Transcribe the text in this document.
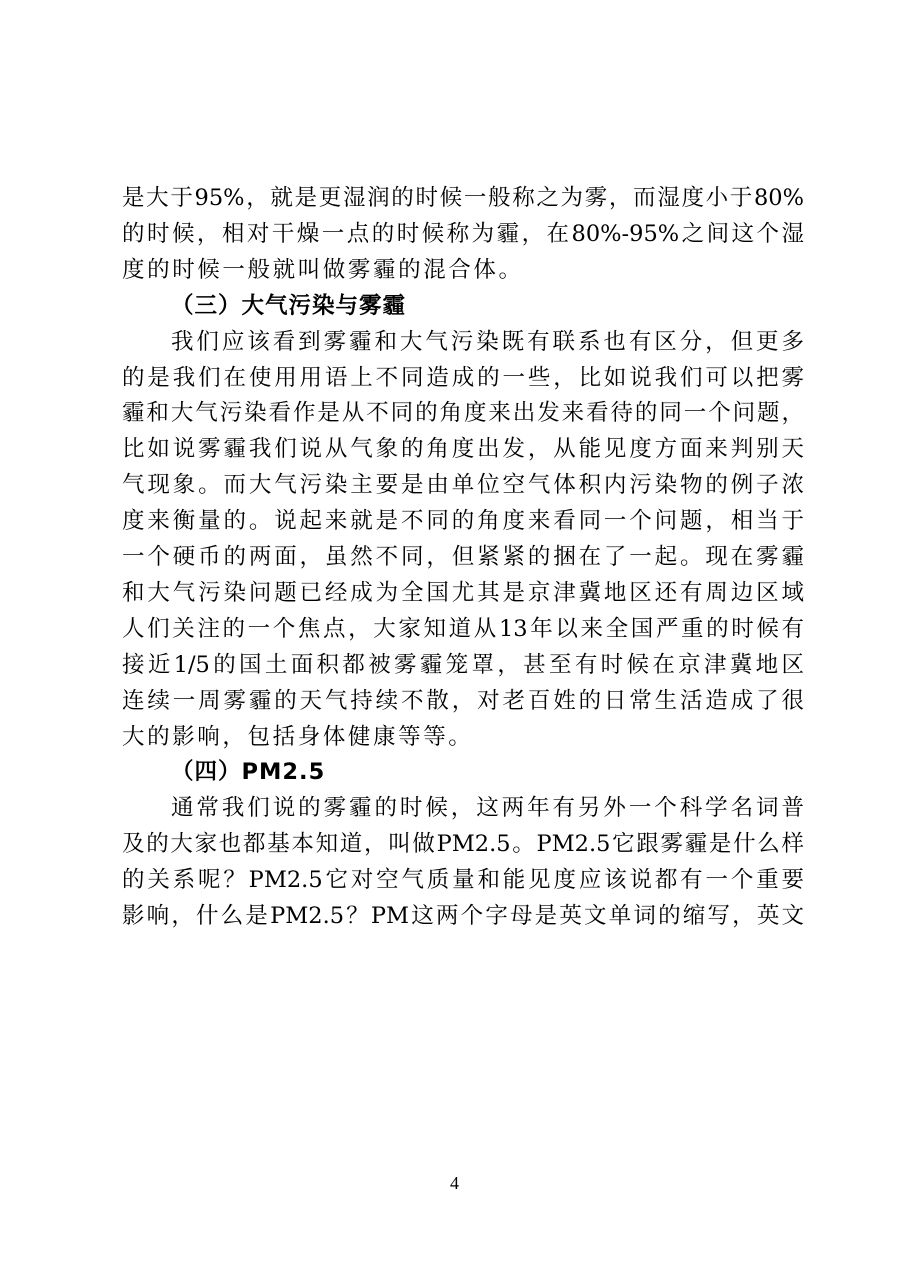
是大于95%，就是更湿润的时候一般称之为雾，而湿度小于80%
的时候，相对干燥一点的时候称为霾，在80%-95%之间这个湿
度的时候一般就叫做雾霾的混合体。
（三）大气污染与雾霾
我们应该看到雾霾和大气污染既有联系也有区分，但更多
的是我们在使用用语上不同造成的一些，比如说我们可以把雾
霾和大气污染看作是从不同的角度来出发来看待的同一个问题，
比如说雾霾我们说从气象的角度出发，从能见度方面来判别天
气现象。而大气污染主要是由单位空气体积内污染物的例子浓
度来衡量的。说起来就是不同的角度来看同一个问题，相当于
一个硬币的两面，虽然不同，但紧紧的捆在了一起。现在雾霾
和大气污染问题已经成为全国尤其是京津冀地区还有周边区域
人们关注的一个焦点，大家知道从13年以来全国严重的时候有
接近1/5的国土面积都被雾霾笼罩，甚至有时候在京津冀地区
连续一周雾霾的天气持续不散，对老百姓的日常生活造成了很
大的影响，包括身体健康等等。
（四）PM2.5
通常我们说的雾霾的时候，这两年有另外一个科学名词普
及的大家也都基本知道，叫做PM2.5。PM2.5它跟雾霾是什么样
的关系呢？PM2.5它对空气质量和能见度应该说都有一个重要
影响，什么是PM2.5？PM这两个字母是英文单词的缩写，英文
4
